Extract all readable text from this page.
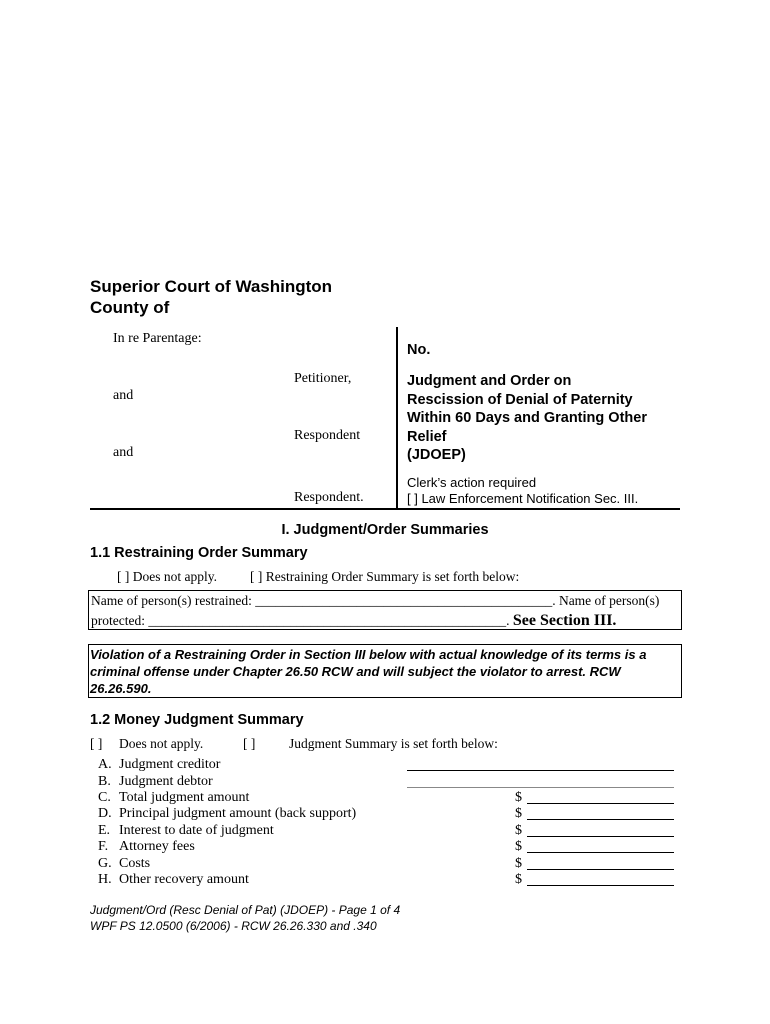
Superior Court of Washington
County of
In re Parentage:
Petitioner,
and
Respondent
and
Respondent.
No.
Judgment and Order on
Rescission of Denial of Paternity
Within 60 Days and Granting Other
Relief
(JDOEP)
Clerk’s action required
[ ] Law Enforcement Notification Sec. III.
I. Judgment/Order Summaries
1.1 Restraining Order Summary
[ ] Does not apply. [ ] Restraining Order Summary is set forth below:
Name of person(s) restrained: ____________________________________________. Name of person(s)
protected: _____________________________________________________. See Section III.
Violation of a Restraining Order in Section III below with actual knowledge of its terms is a criminal offense under Chapter 26.50 RCW and will subject the violator to arrest. RCW 26.26.590.
1.2 Money Judgment Summary
[ ] Does not apply.	[ ] Judgment Summary is set forth below:
A. Judgment creditor
B. Judgment debtor
C. Total judgment amount	$
D. Principal judgment amount (back support)	$
E. Interest to date of judgment	$
F. Attorney fees	$
G. Costs	$
H. Other recovery amount	$
Judgment/Ord (Resc Denial of Pat) (JDOEP) - Page 1 of 4
WPF PS 12.0500 (6/2006) - RCW 26.26.330 and .340
